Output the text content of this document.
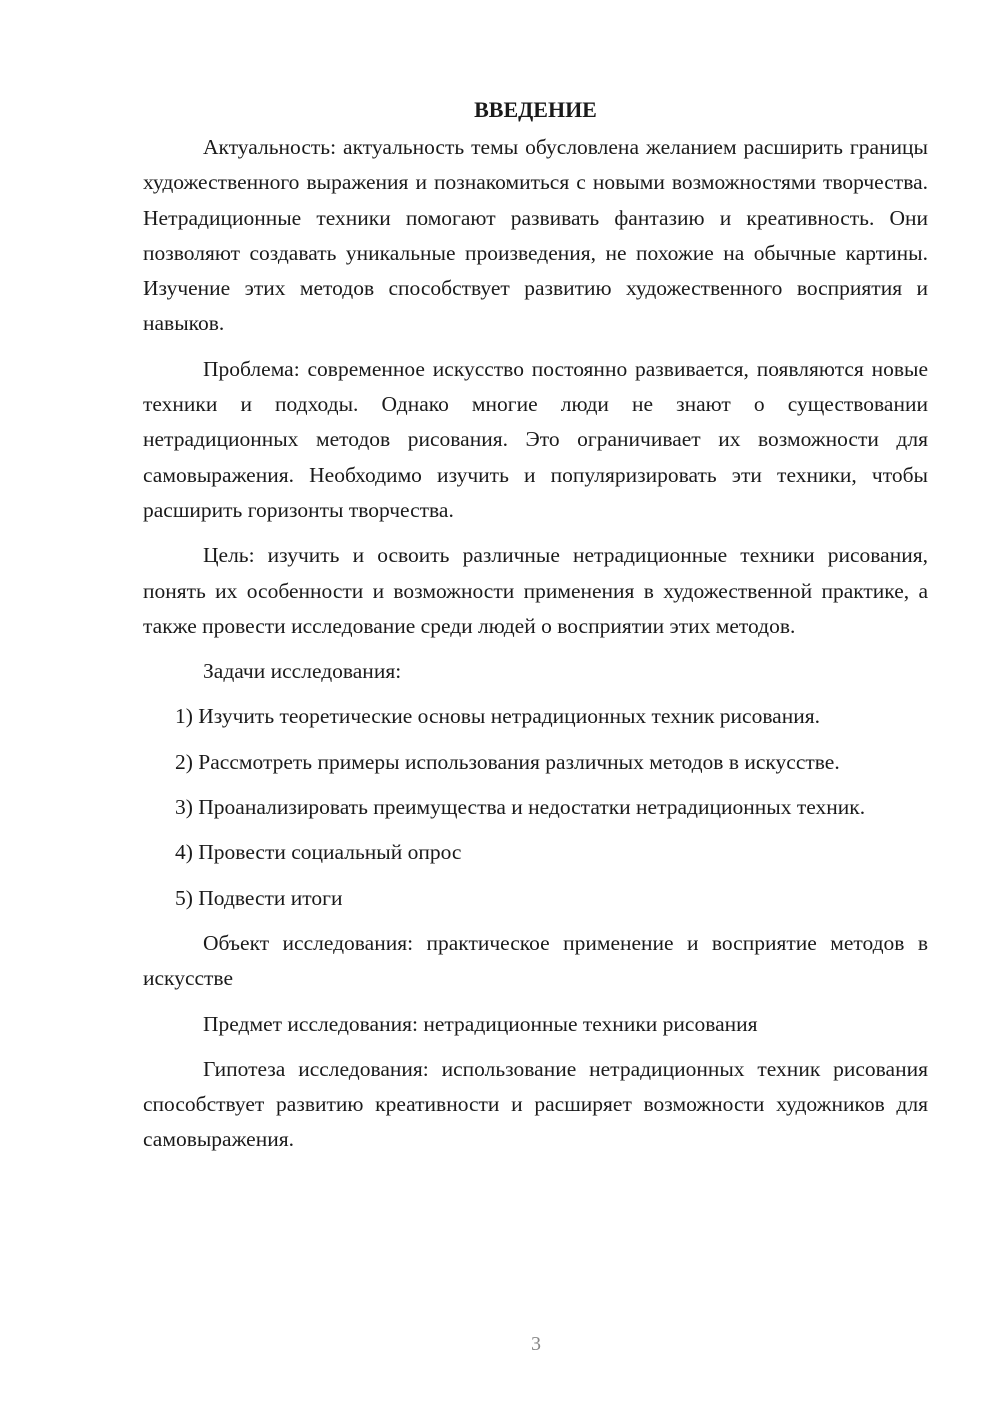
ВВЕДЕНИЕ

Актуальность: актуальность темы обусловлена желанием расширить границы художественного выражения и познакомиться с новыми возможностями творчества. Нетрадиционные техники помогают развивать фантазию и креативность. Они позволяют создавать уникальные произведения, не похожие на обычные картины. Изучение этих методов способствует развитию художественного восприятия и навыков.

Проблема: современное искусство постоянно развивается, появляются новые техники и подходы. Однако многие люди не знают о существовании нетрадиционных методов рисования. Это ограничивает их возможности для самовыражения. Необходимо изучить и популяризировать эти техники, чтобы расширить горизонты творчества.

Цель: изучить и освоить различные нетрадиционные техники рисования, понять их особенности и возможности применения в художественной практике, а также провести исследование среди людей о восприятии этих методов.

Задачи исследования:

1) Изучить теоретические основы нетрадиционных техник рисования.

2) Рассмотреть примеры использования различных методов в искусстве.

3) Проанализировать преимущества и недостатки нетрадиционных техник.

4) Провести социальный опрос

5) Подвести итоги

Объект исследования: практическое применение и восприятие методов в искусстве

Предмет исследования: нетрадиционные техники рисования

Гипотеза исследования: использование нетрадиционных техник рисования способствует развитию креативности и расширяет возможности художников для самовыражения.

3
